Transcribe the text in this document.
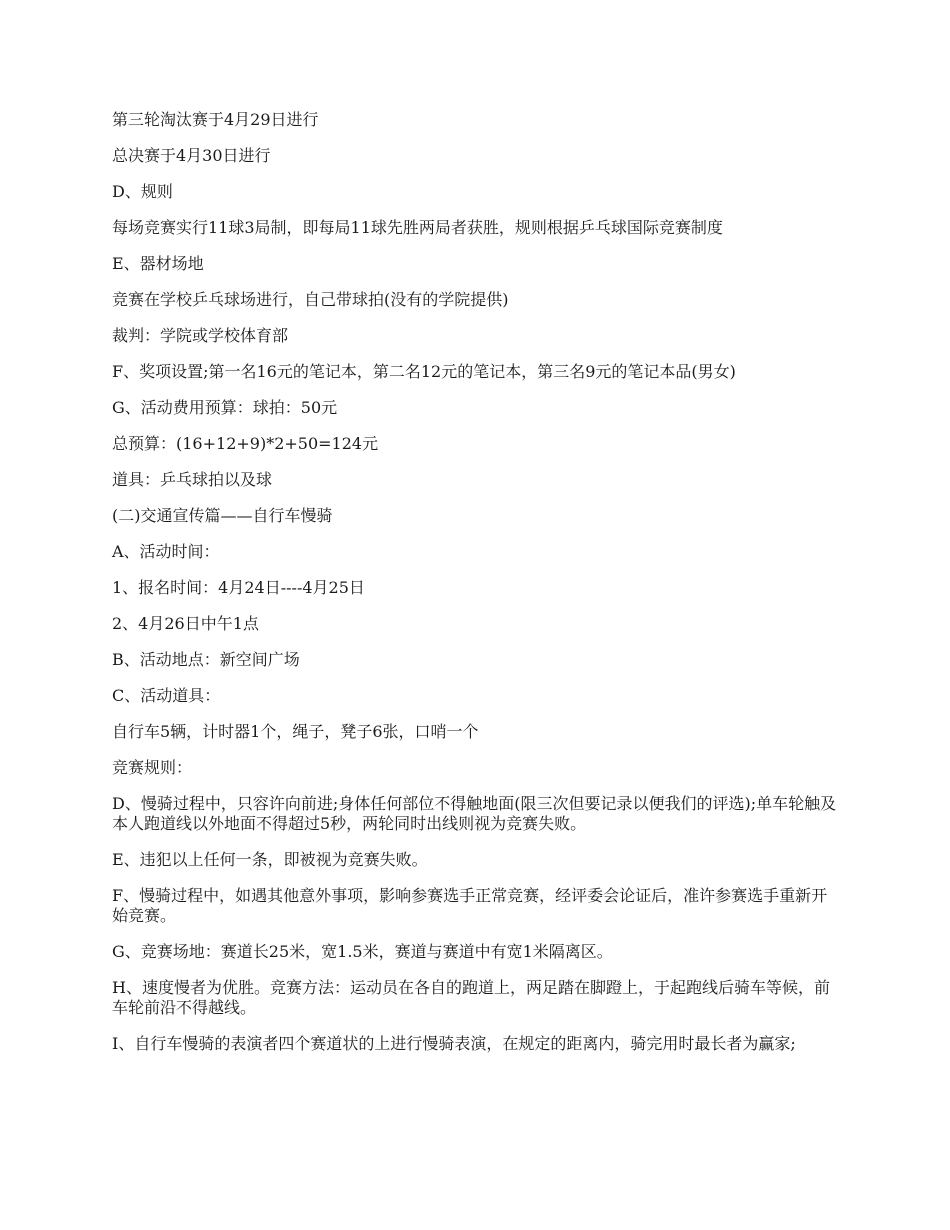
第三轮淘汰赛于4月29日进行

总决赛于4月30日进行

D、规则

每场竞赛实行11球3局制，即每局11球先胜两局者获胜，规则根据乒乓球国际竞赛制度

E、器材场地

竞赛在学校乒乓球场进行，自己带球拍(没有的学院提供)

裁判：学院或学校体育部

F、奖项设置;第一名16元的笔记本，第二名12元的笔记本，第三名9元的笔记本品(男女)

G、活动费用预算：球拍：50元

总预算：(16+12+9)*2+50=124元

道具：乒乓球拍以及球

(二)交通宣传篇——自行车慢骑

A、活动时间：

1、报名时间：4月24日----4月25日

2、4月26日中午1点

B、活动地点：新空间广场

C、活动道具：

自行车5辆，计时器1个，绳子，凳子6张，口哨一个

竞赛规则：

D、慢骑过程中，只容许向前进;身体任何部位不得触地面(限三次但要记录以便我们的评选);单车轮触及本人跑道线以外地面不得超过5秒，两轮同时出线则视为竞赛失败。

E、违犯以上任何一条，即被视为竞赛失败。

F、慢骑过程中，如遇其他意外事项，影响参赛选手正常竞赛，经评委会论证后，准许参赛选手重新开始竞赛。

G、竞赛场地：赛道长25米，宽1.5米，赛道与赛道中有宽1米隔离区。

H、速度慢者为优胜。竞赛方法：运动员在各自的跑道上，两足踏在脚蹬上，于起跑线后骑车等候，前车轮前沿不得越线。

I、自行车慢骑的表演者四个赛道状的上进行慢骑表演，在规定的距离内，骑完用时最长者为赢家;
